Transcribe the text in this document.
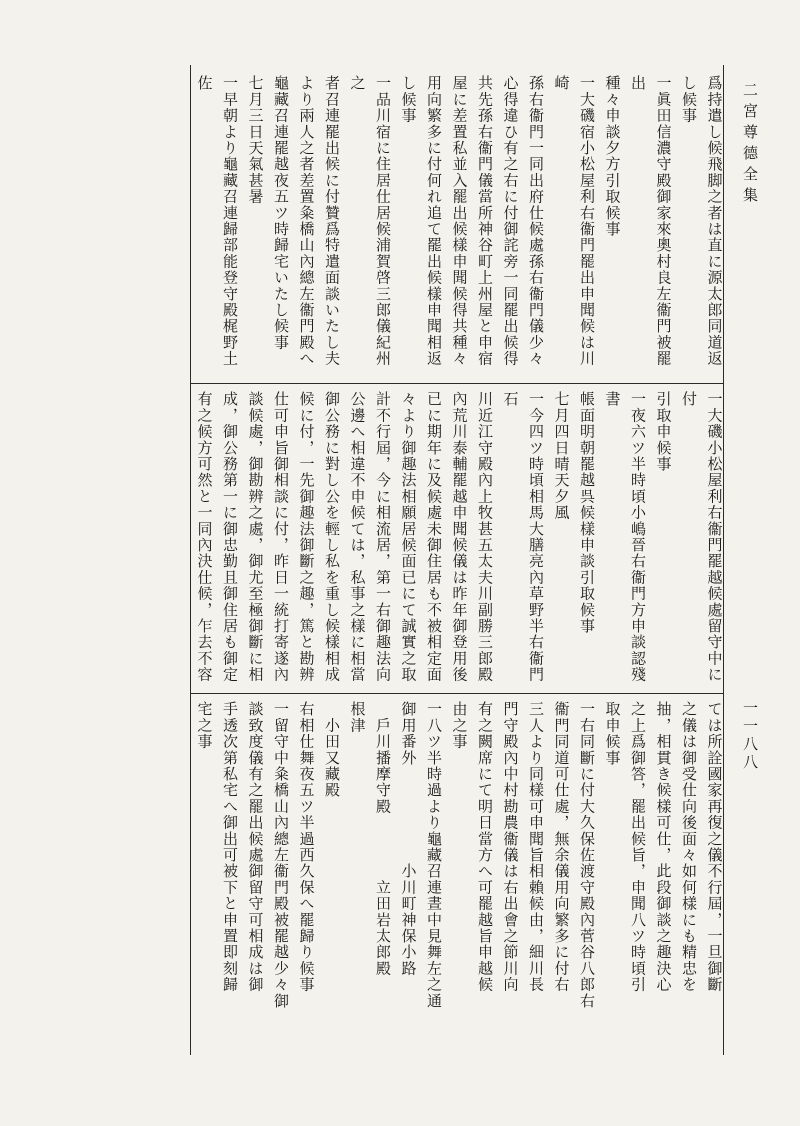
二宮尊德全集
一一八八
爲持遣し候飛脚之者は直に源太郎同道返
し候事
一眞田信濃守殿御家來奧村良左衞門被罷出
種々申談夕方引取候事
一大磯宿小松屋利右衞門罷出申聞候は川崎
孫右衞門一同出府仕候處孫右衞門儀少々
心得違ひ有之右に付御詫旁一同罷出候得
共先孫右衞門儀當所神谷町上州屋と申宿
屋に差置私並入罷出候樣申聞候得共種々
用向繁多に付何れ追て罷出候樣申聞相返
し候事
一品川宿に住居仕居候浦賀啓三郎儀紀州之
者召連罷出候に付贊爲特遣面談いたし夫
より兩人之者差置粂橋山內總左衞門殿へ
龜藏召連罷越夜五ツ時歸宅いたし候事
七月三日天氣甚暑
一早朝より龜藏召連歸部能登守殿梶野土佐
一大磯小松屋利右衞門罷越候處留守中に付
引取申候事
一夜六ツ半時頃小嶋晉右衞門方申談認殘書
帳面明朝罷越呉候樣申談引取候事
七月四日晴天夕風
一今四ツ時頃相馬大膳亮內草野半右衞門石
川近江守殿內上牧甚五太夫川副勝三郎殿
內荒川泰輔罷越申聞候儀は昨年御登用後
已に期年に及候處未御住居も不被相定面
々より御趣法相願居候面已にて誠實之取
計不行屆，今に相流居，第一右御趣法向
公邊へ相違不申候ては，私事之樣に相當
御公務に對し公を輕し私を重し候樣相成
候に付，一先御趣法御斷之趣，篤と勘辨
仕可申旨御相談に付，昨日一統打寄遂內
談候處，御勘辨之處，御尤至極御斷に相
成，御公務第一に御忠勤且御住居も御定
有之候方可然と一同內決仕候，乍去不容
ては所詮國家再復之儀不行屆，一旦御斷
之儀は御受仕向後面々如何樣にも精忠を
抽，相貫き候樣可仕，此段御談之趣決心
之上爲御答，罷出候旨，申聞八ツ時頃引
取申候事
一右同斷に付大久保佐渡守殿內菅谷八郎右
衞門同道可仕處，無余儀用向繁多に付右
三人より同樣可申聞旨相賴候由，細川長
門守殿內中村勘農衞儀は右出會之節川向
有之闕席にて明日當方へ可罷越旨申越候
由之事
一八ツ半時過より龜藏召連晝中見舞左之通
御用番外　　　　　　小川町神保小路
　戶川播摩守殿　　　　立田岩太郎殿
根津
　小田又藏殿
右相仕舞夜五ツ半過西久保へ罷歸り候事
一留守中粂橋山內總左衞門殿被罷越少々御
談致度儀有之罷出候處御留守可相成は御
手透次第私宅へ御出可被下と申置即刻歸
宅之事
